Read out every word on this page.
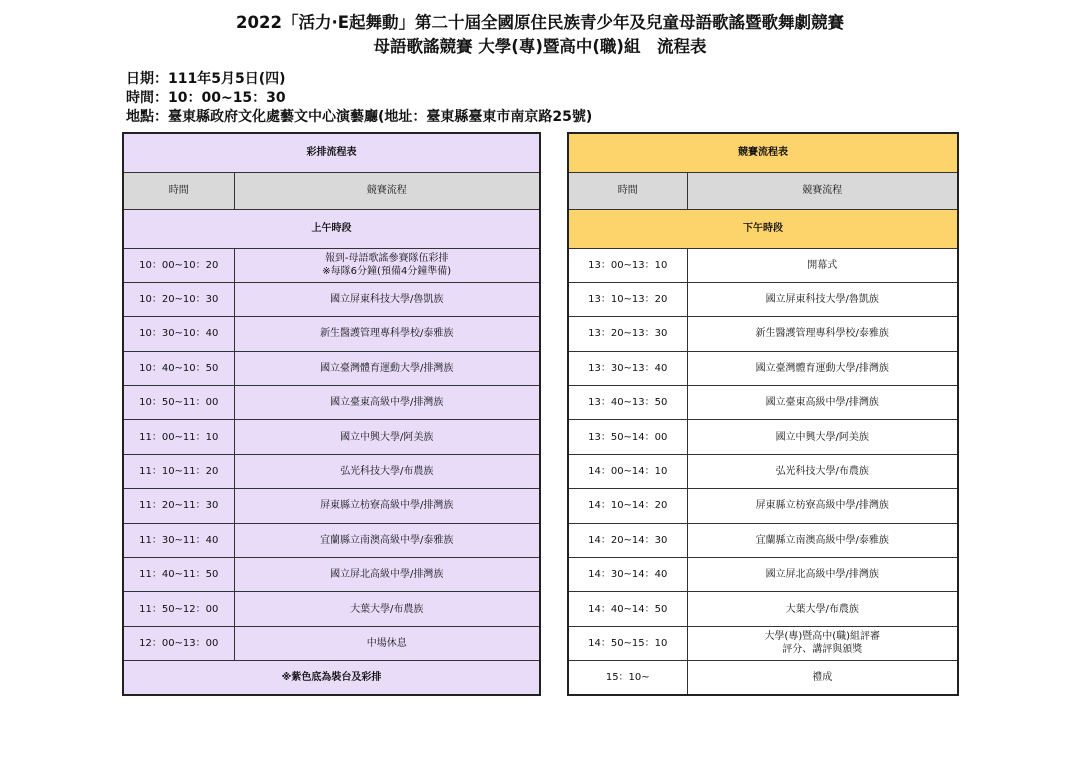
2022「活力·E起舞動」第二十屆全國原住民族青少年及兒童母語歌謠暨歌舞劇競賽
母語歌謠競賽 大學(專)暨高中(職)組　流程表
日期：111年5月5日(四)
時間：10：00~15：30
地點：臺東縣政府文化處藝文中心演藝廳(地址：臺東縣臺東市南京路25號)
彩排流程表	
時間	競賽流程
上午時段	
10：00~10：20	報到-母語歌謠參賽隊伍彩排
※每隊6分鐘(預備4分鐘準備)

10：20~10：30	國立屏東科技大學/魯凱族

10：30~10：40	新生醫護管理專科學校/泰雅族

10：40~10：50	國立臺灣體育運動大學/排灣族

10：50~11：00	國立臺東高級中學/排灣族

11：00~11：10	國立中興大學/阿美族

11：10~11：20	弘光科技大學/布農族

11：20~11：30	屏東縣立枋寮高級中學/排灣族

11：30~11：40	宜蘭縣立南澳高級中學/泰雅族

11：40~11：50	國立屏北高級中學/排灣族

11：50~12：00	大葉大學/布農族

12：00~13：00	中場休息

※紫色底為裝台及彩排	
競賽流程表	
時間	競賽流程
下午時段	
13：00~13：10	開幕式

13：10~13：20	國立屏東科技大學/魯凱族

13：20~13：30	新生醫護管理專科學校/泰雅族

13：30~13：40	國立臺灣體育運動大學/排灣族

13：40~13：50	國立臺東高級中學/排灣族

13：50~14：00	國立中興大學/阿美族

14：00~14：10	弘光科技大學/布農族

14：10~14：20	屏東縣立枋寮高級中學/排灣族

14：20~14：30	宜蘭縣立南澳高級中學/泰雅族

14：30~14：40	國立屏北高級中學/排灣族

14：40~14：50	大葉大學/布農族

14：50~15：10	大學(專)暨高中(職)組評審
評分、講評與頒獎

15：10~	禮成
